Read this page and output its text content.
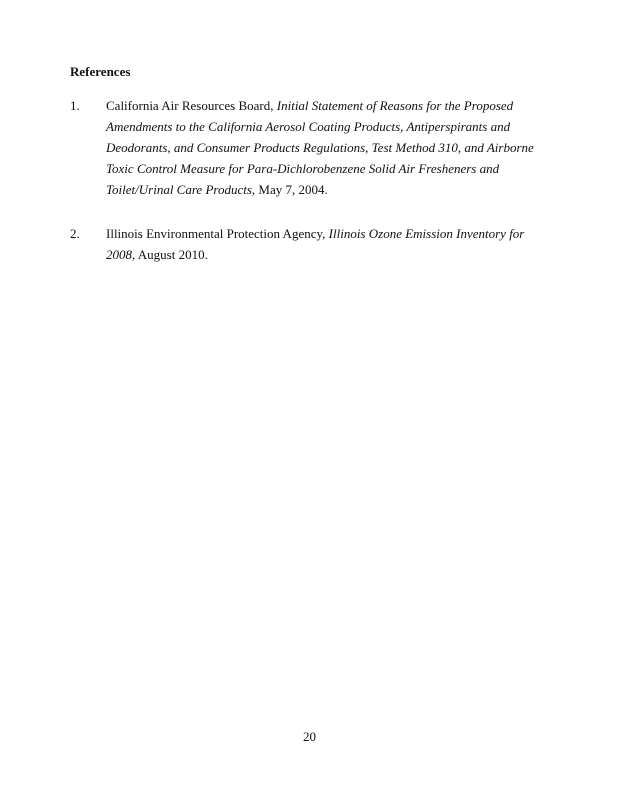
References
1. California Air Resources Board, Initial Statement of Reasons for the Proposed Amendments to the California Aerosol Coating Products, Antiperspirants and Deodorants, and Consumer Products Regulations, Test Method 310, and Airborne Toxic Control Measure for Para-Dichlorobenzene Solid Air Fresheners and Toilet/Urinal Care Products, May 7, 2004.
2. Illinois Environmental Protection Agency, Illinois Ozone Emission Inventory for 2008, August 2010.
20
